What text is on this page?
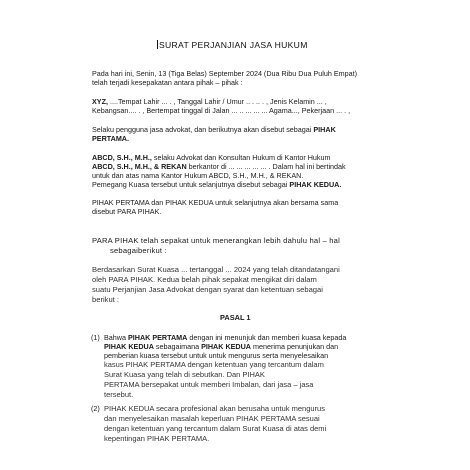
SURAT PERJANJIAN JASA HUKUM
Pada hari ini, Senin, 13 (Tiga Belas) September 2024 (Dua Ribu Dua Puluh Empat)
telah terjadi kesepakatan antara pihak – pihak :
XYZ, ....Tempat Lahir ... . , Tanggal Lahir / Umur .. . .. . , Jenis Kelamin ... ,
Kebangsan.... . , Bertempat tinggal di Jalan ... .. ... ... ... Agama..., Pekerjaan ... . ,
Selaku pengguna jasa advokat, dan berikutnya akan disebut sebagai PIHAK
PERTAMA.
ABCD, S.H., M.H., selaku Advokat dan Konsultan Hukum di Kantor Hukum
ABCD, S.H., M.H., & REKAN berkantor di ... ... ... ... ... . Dalam hal ini bertindak
untuk dan atas nama Kantor Hukum ABCD, S.H., M.H., & REKAN.
Pemegang Kuasa tersebut untuk selanjutnya disebut sebagai PIHAK KEDUA.
PIHAK PERTAMA dan PIHAK KEDUA untuk selanjutnya akan bersama sama
disebut PARA PIHAK.
PARA PIHAK telah sepakat untuk menerangkan lebih dahulu hal – hal
sebagaiberikut :
Berdasarkan Surat Kuasa ... tertanggal ... 2024 yang telah ditandatangani
oleh PARA PIHAK. Kedua belah pihak sepakat mengikat diri dalam
suatu Perjanjian Jasa Advokat dengan syarat dan ketentuan sebagai
berikut :
PASAL 1
(1) Bahwa PIHAK PERTAMA dengan ini menunjuk dan memberi kuasa kepada
PIHAK KEDUA sebagaimana PIHAK KEDUA menerima penunjukan dan
pemberian kuasa tersebut untuk untuk mengurus serta menyelesaikan
kasus PIHAK PERTAMA dengan ketentuan yang tercantum dalam
Surat Kuasa yang telah di sebutkan. Dan PIHAK
PERTAMA bersepakat untuk memberi Imbalan, dari jasa – jasa
tersebut.
(2) PIHAK KEDUA secara profesional akan berusaha untuk mengurus
dan menyelesaikan masalah keperluan PIHAK PERTAMA sesuai
dengan ketentuan yang tercantum dalam Surat Kuasa di atas demi
kepentingan PIHAK PERTAMA.
